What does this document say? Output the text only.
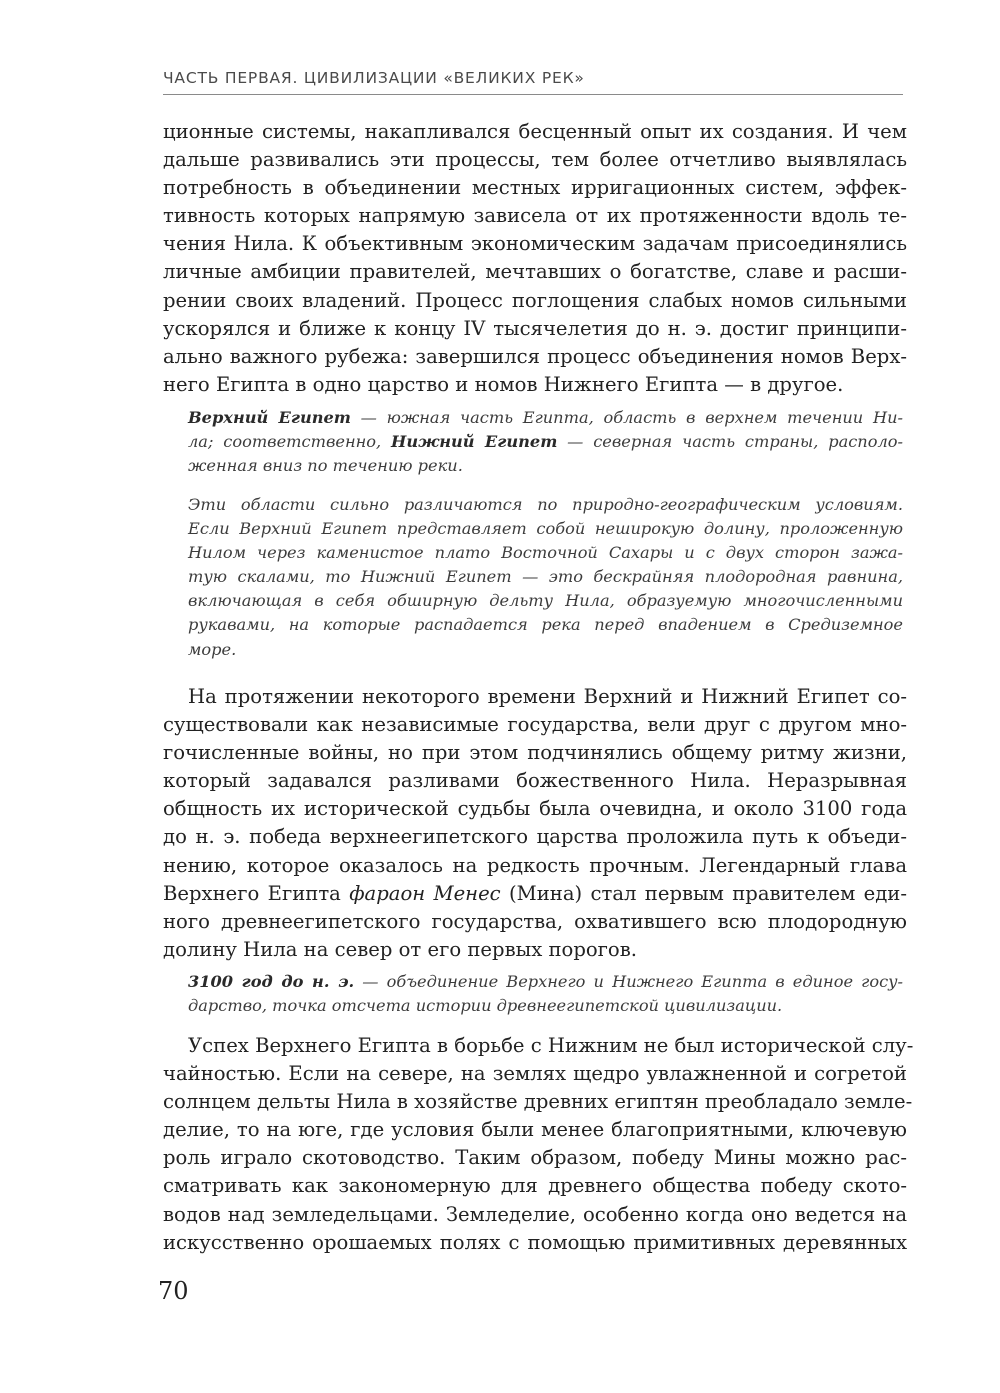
ЧАСТЬ ПЕРВАЯ. ЦИВИЛИЗАЦИИ «ВЕЛИКИХ РЕК»
ционные системы, накапливался бесценный опыт их создания. И чем
дальше развивались эти процессы, тем более отчетливо выявлялась
потребность в объединении местных ирригационных систем, эффек-
тивность которых напрямую зависела от их протяженности вдоль те-
чения Нила. К объективным экономическим задачам присоединялись
личные амбиции правителей, мечтавших о богатстве, славе и расши-
рении своих владений. Процесс поглощения слабых номов сильными
ускорялся и ближе к концу IV тысячелетия до н. э. достиг принципи-
ально важного рубежа: завершился процесс объединения номов Верх-
него Египта в одно царство и номов Нижнего Египта — в другое.
Верхний Египет — южная часть Египта, область в верхнем течении Ни-
ла; соответственно, Нижний Египет — северная часть страны, располо-
женная вниз по течению реки.
Эти области сильно различаются по природно-географическим условиям.
Если Верхний Египет представляет собой неширокую долину, проложенную
Нилом через каменистое плато Восточной Сахары и с двух сторон зажа-
тую скалами, то Нижний Египет — это бескрайняя плодородная равнина,
включающая в себя обширную дельту Нила, образуемую многочисленными
рукавами, на которые распадается река перед впадением в Средиземное
море.
На протяжении некоторого времени Верхний и Нижний Египет со-
существовали как независимые государства, вели друг с другом мно-
гочисленные войны, но при этом подчинялись общему ритму жизни,
который задавался разливами божественного Нила. Неразрывная
общность их исторической судьбы была очевидна, и около 3100 года
до н. э. победа верхнеегипетского царства проложила путь к объеди-
нению, которое оказалось на редкость прочным. Легендарный глава
Верхнего Египта фараон Менес (Мина) стал первым правителем еди-
ного древнеегипетского государства, охватившего всю плодородную
долину Нила на север от его первых порогов.
3100 год до н. э. — объединение Верхнего и Нижнего Египта в единое госу-
дарство, точка отсчета истории древнеегипетской цивилизации.
Успех Верхнего Египта в борьбе с Нижним не был исторической слу-
чайностью. Если на севере, на землях щедро увлажненной и согретой
солнцем дельты Нила в хозяйстве древних египтян преобладало земле-
делие, то на юге, где условия были менее благоприятными, ключевую
роль играло скотоводство. Таким образом, победу Мины можно рас-
сматривать как закономерную для древнего общества победу ското-
водов над земледельцами. Земледелие, особенно когда оно ведется на
искусственно орошаемых полях с помощью примитивных деревянных
70
